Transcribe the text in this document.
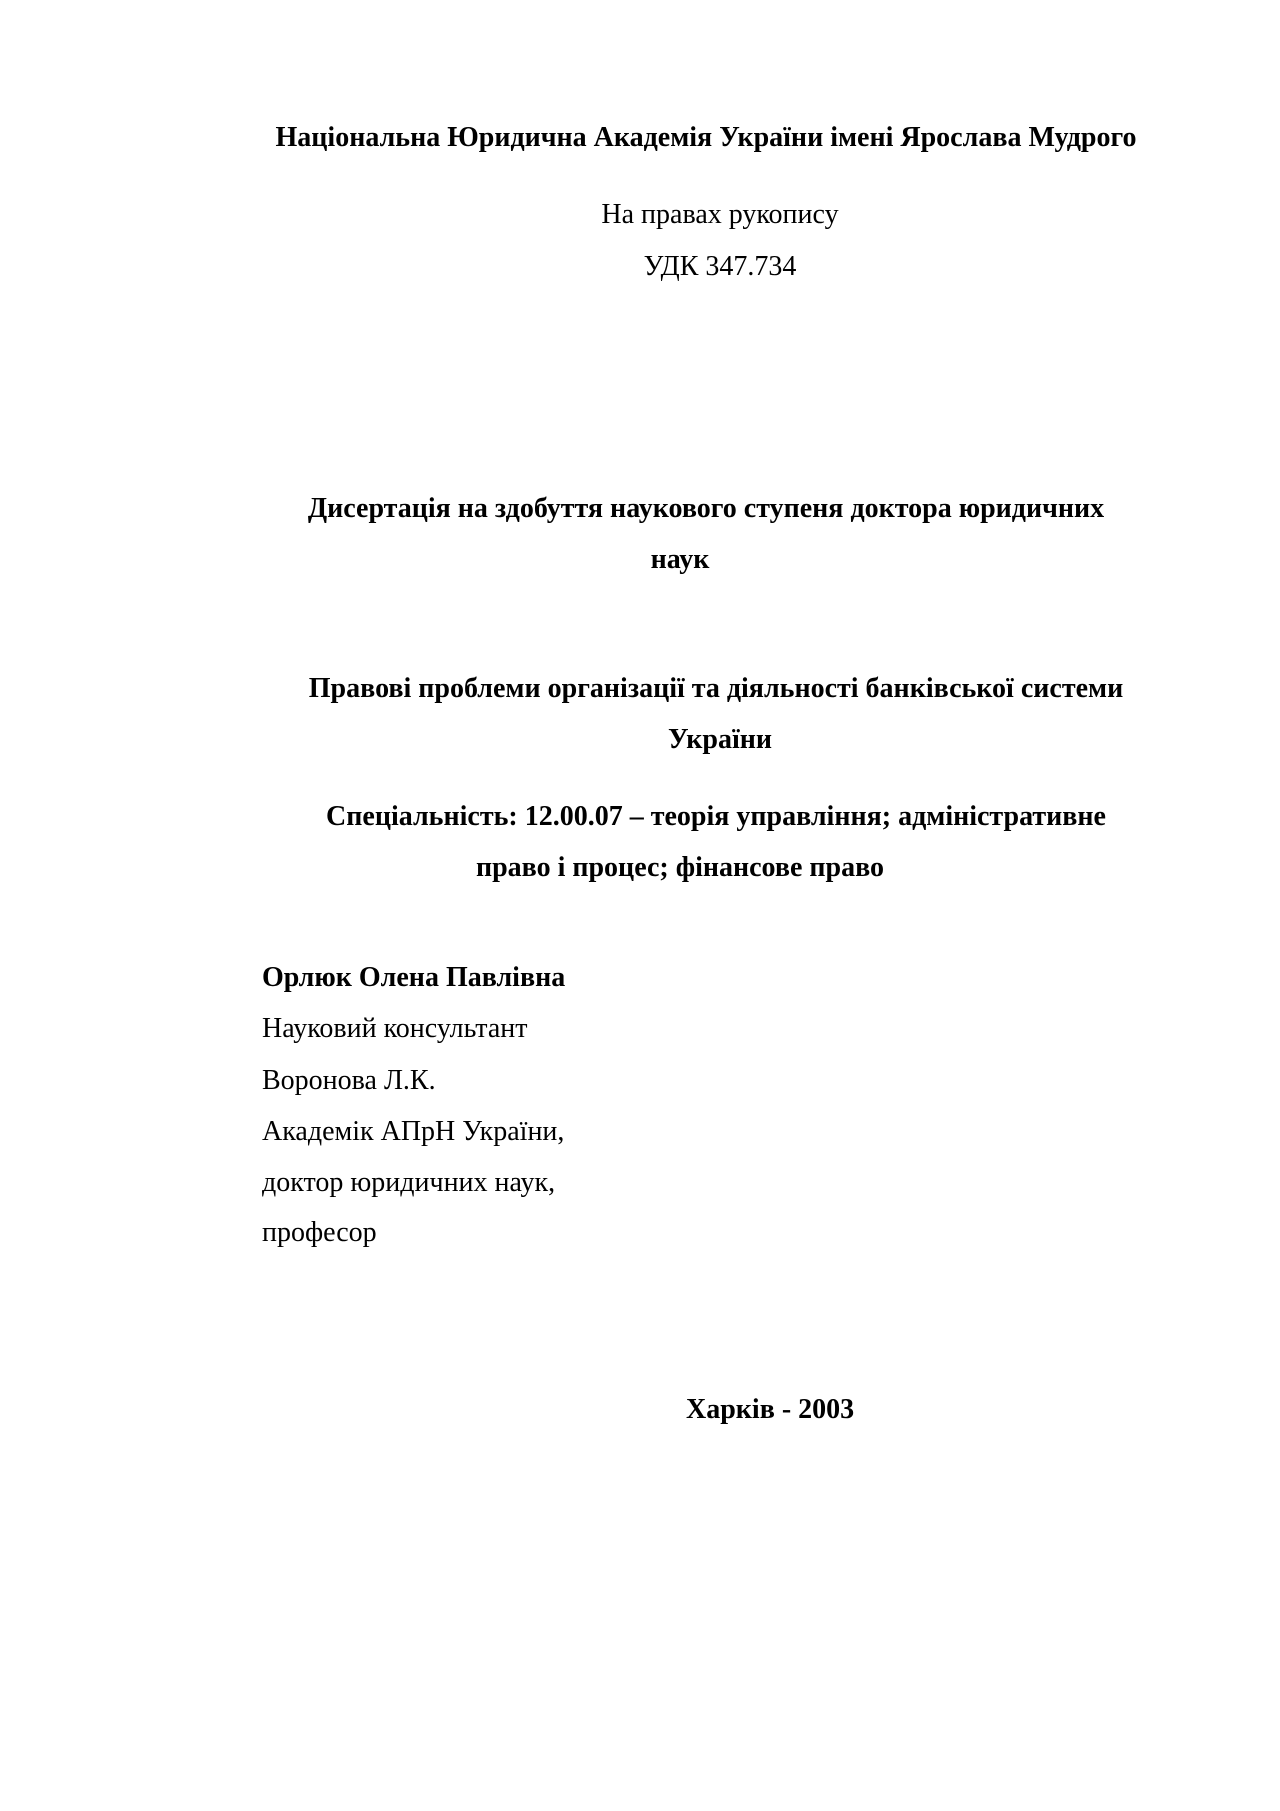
Національна Юридична Академія України імені Ярослава Мудрого
На правах рукопису
УДК 347.734
Дисертація на здобуття наукового ступеня доктора юридичних
наук
Правові проблеми організації та діяльності банківської системи
України
Спеціальність: 12.00.07 – теорія управління; адміністративне
право і процес; фінансове право
Орлюк Олена Павлівна
Науковий консультант
Воронова Л.К.
Академік АПрН України,
доктор юридичних наук,
професор
Харків - 2003
